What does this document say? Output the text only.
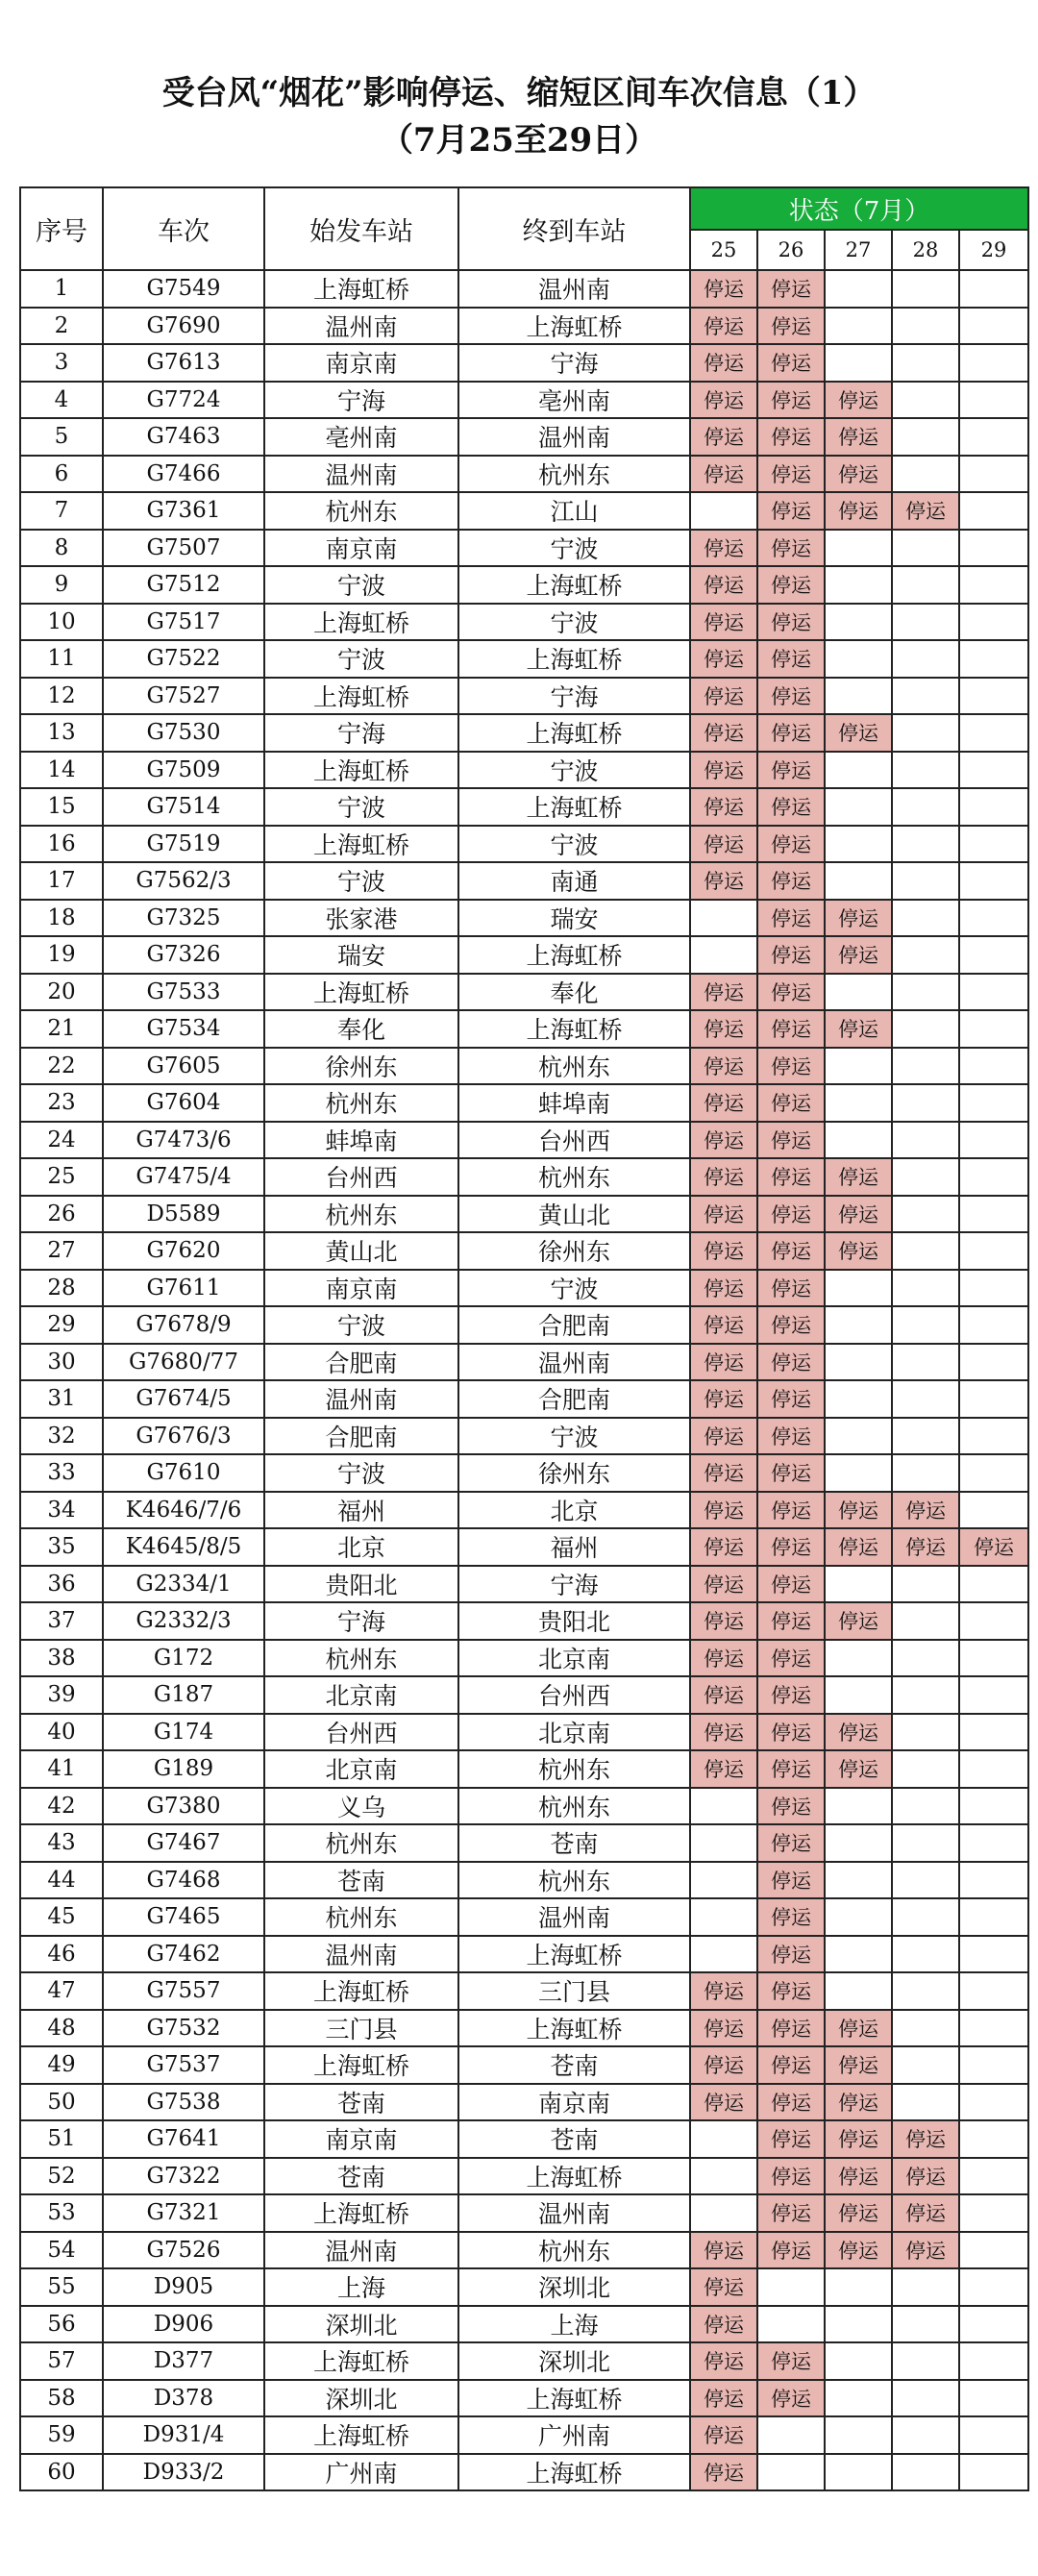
受台风“烟花”影响停运、缩短区间车次信息（1）
（7月25至29日）
序号	车次	始发车站	终到车站	状态（7月）				
				25	26	27	28	29
1	G7549	上海虹桥	温州南	停运	停运			
2	G7690	温州南	上海虹桥	停运	停运			
3	G7613	南京南	宁海	停运	停运			
4	G7724	宁海	亳州南	停运	停运	停运		
5	G7463	亳州南	温州南	停运	停运	停运		
6	G7466	温州南	杭州东	停运	停运	停运		
7	G7361	杭州东	江山		停运	停运	停运	
8	G7507	南京南	宁波	停运	停运			
9	G7512	宁波	上海虹桥	停运	停运			
10	G7517	上海虹桥	宁波	停运	停运			
11	G7522	宁波	上海虹桥	停运	停运			
12	G7527	上海虹桥	宁海	停运	停运			
13	G7530	宁海	上海虹桥	停运	停运	停运		
14	G7509	上海虹桥	宁波	停运	停运			
15	G7514	宁波	上海虹桥	停运	停运			
16	G7519	上海虹桥	宁波	停运	停运			
17	G7562/3	宁波	南通	停运	停运			
18	G7325	张家港	瑞安		停运	停运		
19	G7326	瑞安	上海虹桥		停运	停运		
20	G7533	上海虹桥	奉化	停运	停运			
21	G7534	奉化	上海虹桥	停运	停运	停运		
22	G7605	徐州东	杭州东	停运	停运			
23	G7604	杭州东	蚌埠南	停运	停运			
24	G7473/6	蚌埠南	台州西	停运	停运			
25	G7475/4	台州西	杭州东	停运	停运	停运		
26	D5589	杭州东	黄山北	停运	停运	停运		
27	G7620	黄山北	徐州东	停运	停运	停运		
28	G7611	南京南	宁波	停运	停运			
29	G7678/9	宁波	合肥南	停运	停运			
30	G7680/77	合肥南	温州南	停运	停运			
31	G7674/5	温州南	合肥南	停运	停运			
32	G7676/3	合肥南	宁波	停运	停运			
33	G7610	宁波	徐州东	停运	停运			
34	K4646/7/6	福州	北京	停运	停运	停运	停运	
35	K4645/8/5	北京	福州	停运	停运	停运	停运	停运
36	G2334/1	贵阳北	宁海	停运	停运			
37	G2332/3	宁海	贵阳北	停运	停运	停运		
38	G172	杭州东	北京南	停运	停运			
39	G187	北京南	台州西	停运	停运			
40	G174	台州西	北京南	停运	停运	停运		
41	G189	北京南	杭州东	停运	停运	停运		
42	G7380	义乌	杭州东		停运			
43	G7467	杭州东	苍南		停运			
44	G7468	苍南	杭州东		停运			
45	G7465	杭州东	温州南		停运			
46	G7462	温州南	上海虹桥		停运			
47	G7557	上海虹桥	三门县	停运	停运			
48	G7532	三门县	上海虹桥	停运	停运	停运		
49	G7537	上海虹桥	苍南	停运	停运	停运		
50	G7538	苍南	南京南	停运	停运	停运		
51	G7641	南京南	苍南		停运	停运	停运	
52	G7322	苍南	上海虹桥		停运	停运	停运	
53	G7321	上海虹桥	温州南		停运	停运	停运	
54	G7526	温州南	杭州东	停运	停运	停运	停运	
55	D905	上海	深圳北	停运				
56	D906	深圳北	上海	停运				
57	D377	上海虹桥	深圳北	停运	停运			
58	D378	深圳北	上海虹桥	停运	停运			
59	D931/4	上海虹桥	广州南	停运				
60	D933/2	广州南	上海虹桥	停运				
